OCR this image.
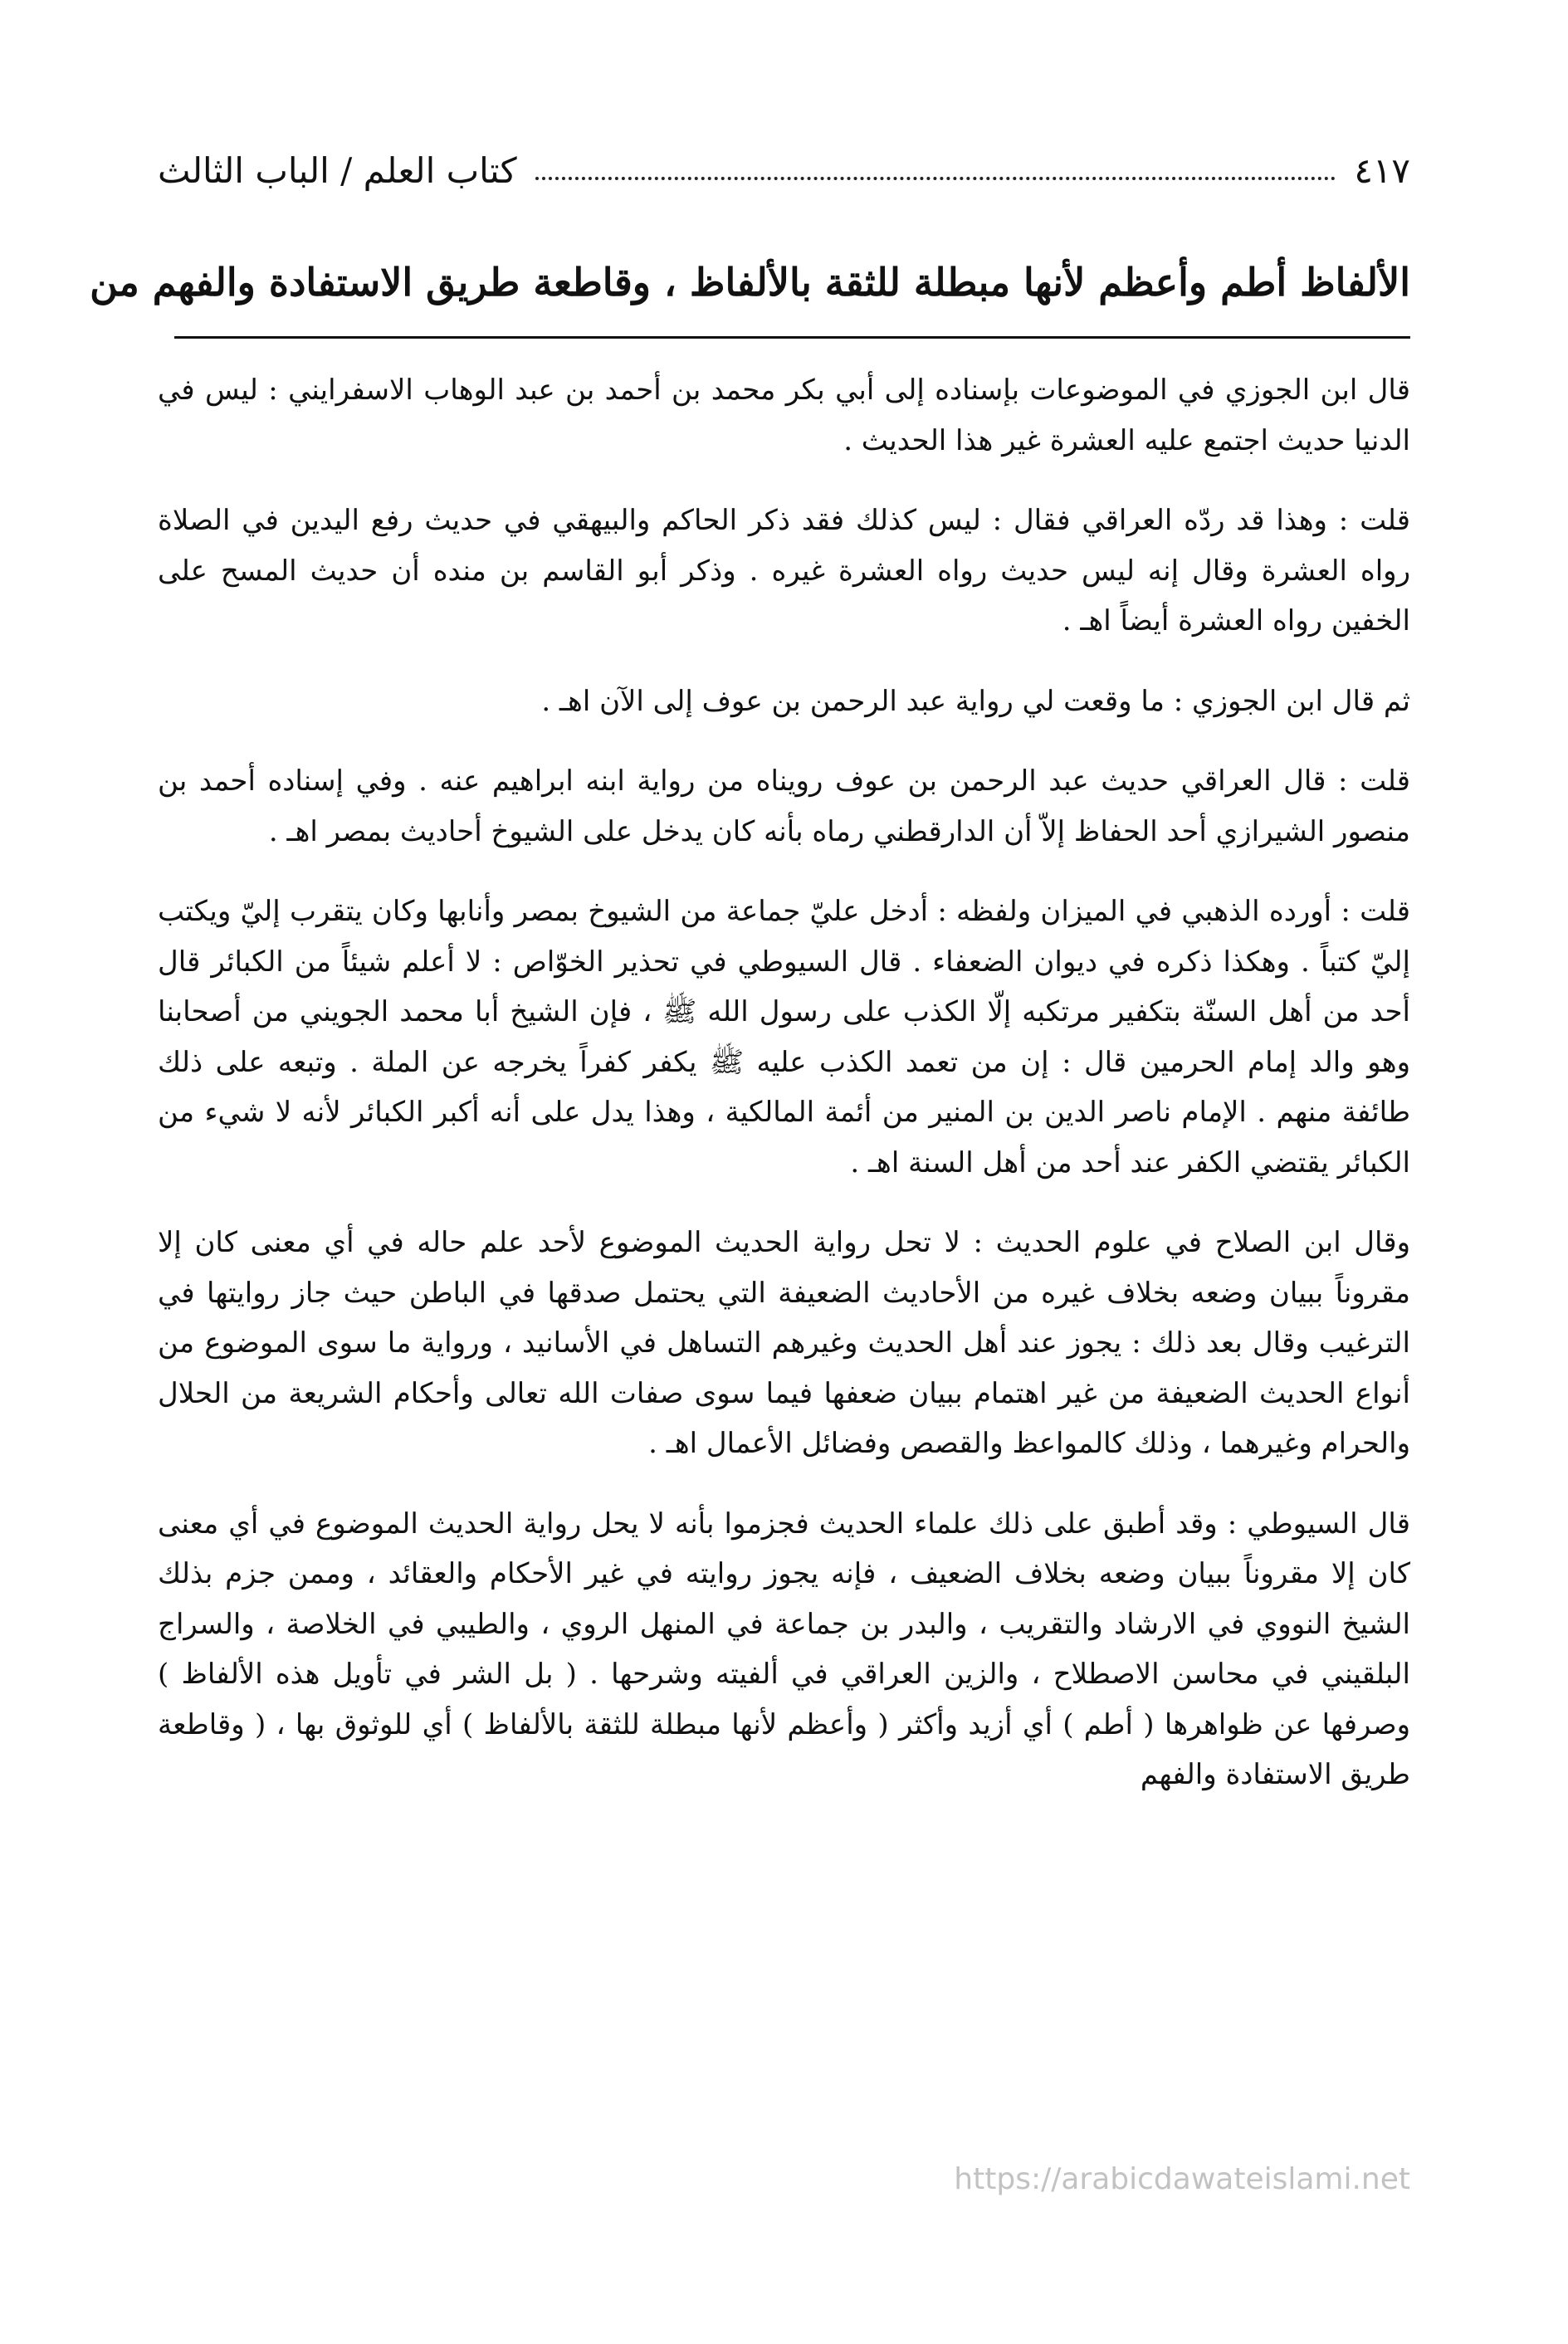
كتاب العلم / الباب الثالث	٤١٧
الألفاظ أطم وأعظم لأنها مبطلة للثقة بالألفاظ ، وقاطعة طريق الاستفادة والفهم من

قال ابن الجوزي في الموضوعات بإسناده إلى أبي بكر محمد بن أحمد بن عبد الوهاب الاسفرايني : ليس في الدنيا حديث اجتمع عليه العشرة غير هذا الحديث .

قلت : وهذا قد ردّه العراقي فقال : ليس كذلك فقد ذكر الحاكم والبيهقي في حديث رفع اليدين في الصلاة رواه العشرة وقال إنه ليس حديث رواه العشرة غيره . وذكر أبو القاسم بن منده أن حديث المسح على الخفين رواه العشرة أيضاً اهـ .

ثم قال ابن الجوزي : ما وقعت لي رواية عبد الرحمن بن عوف إلى الآن اهـ .

قلت : قال العراقي حديث عبد الرحمن بن عوف رويناه من رواية ابنه ابراهيم عنه . وفي إسناده أحمد بن منصور الشيرازي أحد الحفاظ إلاّ أن الدارقطني رماه بأنه كان يدخل على الشيوخ أحاديث بمصر اهـ .

قلت : أورده الذهبي في الميزان ولفظه : أدخل عليّ جماعة من الشيوخ بمصر وأنابها وكان يتقرب إليّ ويكتب إليّ كتباً . وهكذا ذكره في ديوان الضعفاء . قال السيوطي في تحذير الخوّاص : لا أعلم شيئاً من الكبائر قال أحد من أهل السنّة بتكفير مرتكبه إلّا الكذب على رسول الله ﷺ ، فإن الشيخ أبا محمد الجويني من أصحابنا وهو والد إمام الحرمين قال : إن من تعمد الكذب عليه ﷺ يكفر كفراً يخرجه عن الملة . وتبعه على ذلك طائفة منهم . الإمام ناصر الدين بن المنير من أئمة المالكية ، وهذا يدل على أنه أكبر الكبائر لأنه لا شيء من الكبائر يقتضي الكفر عند أحد من أهل السنة اهـ .

وقال ابن الصلاح في علوم الحديث : لا تحل رواية الحديث الموضوع لأحد علم حاله في أي معنى كان إلا مقروناً ببيان وضعه بخلاف غيره من الأحاديث الضعيفة التي يحتمل صدقها في الباطن حيث جاز روايتها في الترغيب وقال بعد ذلك : يجوز عند أهل الحديث وغيرهم التساهل في الأسانيد ، ورواية ما سوى الموضوع من أنواع الحديث الضعيفة من غير اهتمام ببيان ضعفها فيما سوى صفات الله تعالى وأحكام الشريعة من الحلال والحرام وغيرهما ، وذلك كالمواعظ والقصص وفضائل الأعمال اهـ .

قال السيوطي : وقد أطبق على ذلك علماء الحديث فجزموا بأنه لا يحل رواية الحديث الموضوع في أي معنى كان إلا مقروناً ببيان وضعه بخلاف الضعيف ، فإنه يجوز روايته في غير الأحكام والعقائد ، وممن جزم بذلك الشيخ النووي في الارشاد والتقريب ، والبدر بن جماعة في المنهل الروي ، والطيبي في الخلاصة ، والسراج البلقيني في محاسن الاصطلاح ، والزين العراقي في ألفيته وشرحها . ( بل الشر في تأويل هذه الألفاظ ) وصرفها عن ظواهرها ( أطم ) أي أزيد وأكثر ( وأعظم لأنها مبطلة للثقة بالألفاظ ) أي للوثوق بها ، ( وقاطعة طريق الاستفادة والفهم

https://arabicdawateislami.net
